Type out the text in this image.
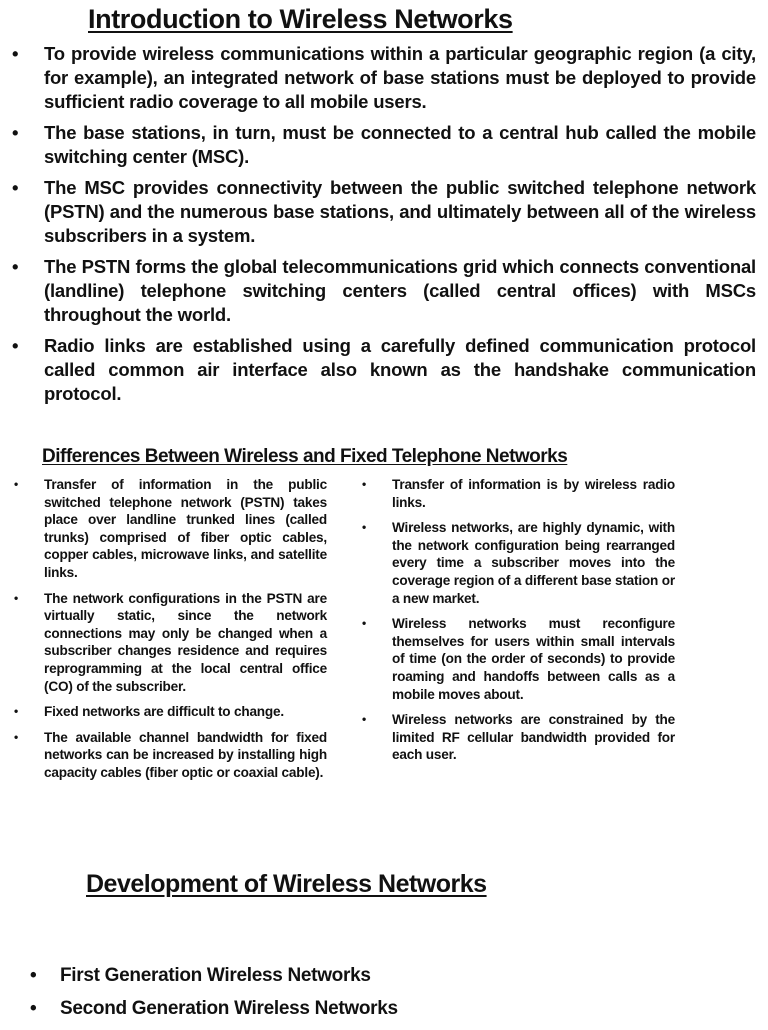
Introduction to Wireless Networks
• To provide wireless communications within a particular geographic region (a city, for example), an integrated network of base stations must be deployed to provide sufficient radio coverage to all mobile users.
• The base stations, in turn, must be connected to a central hub called the mobile switching center (MSC).
• The MSC provides connectivity between the public switched telephone network (PSTN) and the numerous base stations, and ultimately between all of the wireless subscribers in a system.
• The PSTN forms the global telecommunications grid which connects conventional (landline) telephone switching centers (called central offices) with MSCs throughout the world.
• Radio links are established using a carefully defined communication protocol called common air interface also known as the handshake communication protocol.
Differences Between Wireless and Fixed Telephone Networks
• Transfer of information in the public switched telephone network (PSTN) takes place over landline trunked lines (called trunks) comprised of fiber optic cables, copper cables, microwave links, and satellite links.
• The network configurations in the PSTN are virtually static, since the network connections may only be changed when a subscriber changes residence and requires reprogramming at the local central office (CO) of the subscriber.
• Fixed networks are difficult to change.
• The available channel bandwidth for fixed networks can be increased by installing high capacity cables (fiber optic or coaxial cable).
• Transfer of information is by wireless radio links.
• Wireless networks, are highly dynamic, with the network configuration being rearranged every time a subscriber moves into the coverage region of a different base station or a new market.
• Wireless networks must reconfigure themselves for users within small intervals of time (on the order of seconds) to provide roaming and handoffs between calls as a mobile moves about.
• Wireless networks are constrained by the limited RF cellular bandwidth provided for each user.
Development of Wireless Networks
• First Generation Wireless Networks
• Second Generation Wireless Networks
